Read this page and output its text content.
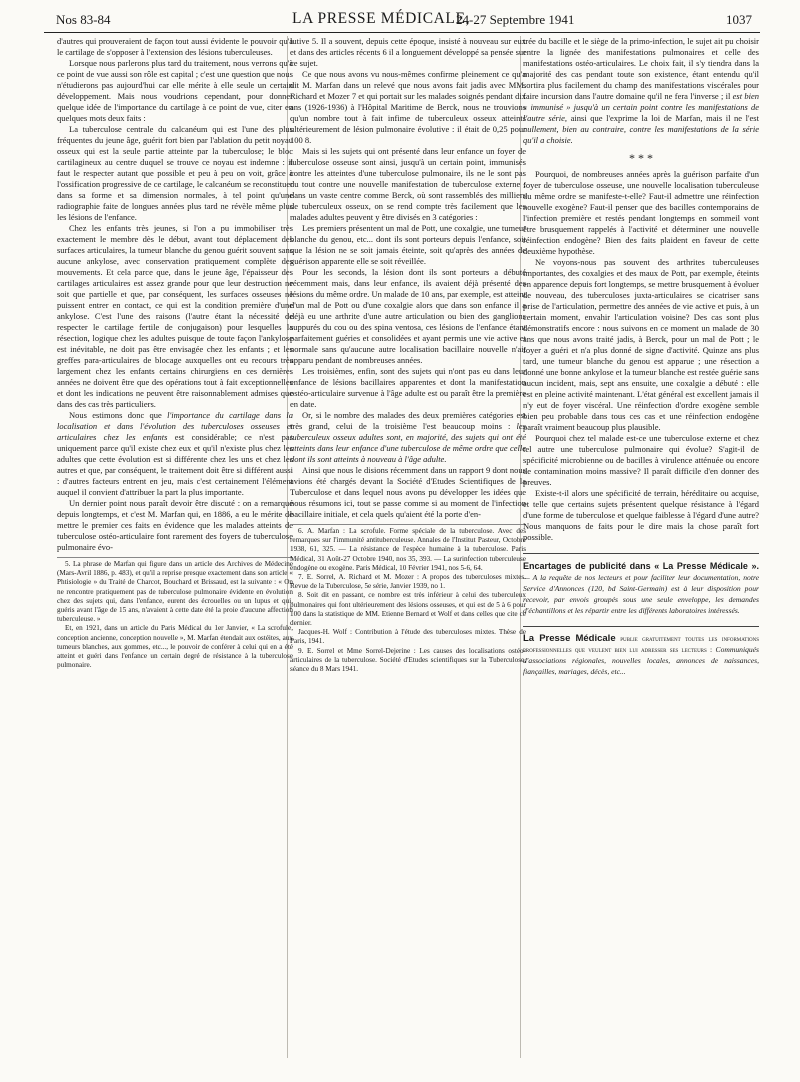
Nos 83-84	LA PRESSE MÉDICALE,
24-27 Septembre 1941	1037

d'autres qui prouveraient de façon tout aussi évidente le pouvoir qu'a le cartilage de s'opposer à l'extension des lésions tuberculeuses.

Lorsque nous parlerons plus tard du traitement, nous verrons qu'à ce point de vue aussi son rôle est capital ; c'est une question que nous n'étudierons pas aujourd'hui car elle mérite à elle seule un certain développement. Mais nous voudrions cependant, pour donner quelque idée de l'importance du cartilage à ce point de vue, citer en quelques mots deux faits :

La tuberculose centrale du calcanéum qui est l'une des plus fréquentes du jeune âge, guérit fort bien par l'ablation du petit noyau osseux qui est la seule partie atteinte par la tuberculose; le bloc cartilagineux au centre duquel se trouve ce noyau est indemne : il faut le respecter autant que possible et peu à peu on voit, grâce à l'ossification progressive de ce cartilage, le calcanéum se reconstituer dans sa forme et sa dimension normales, à tel point qu'une radiographie faite de longues années plus tard ne révèle même plus les lésions de l'enfance.

Chez les enfants très jeunes, si l'on a pu immobiliser très exactement le membre dès le début, avant tout déplacement des surfaces articulaires, la tumeur blanche du genou guérit souvent sans aucune ankylose, avec conservation pratiquement complète des mouvements. Et cela parce que, dans le jeune âge, l'épaisseur des cartilages articulaires est assez grande pour que leur destruction ne soit que partielle et que, par conséquent, les surfaces osseuses ne puissent entrer en contact, ce qui est la condition première d'une ankylose. C'est l'une des raisons (l'autre étant la nécessité de respecter le cartilage fertile de conjugaison) pour lesquelles la résection, logique chez les adultes puisque de toute façon l'ankylose est inévitable, ne doit pas être envisagée chez les enfants ; et les greffes para-articulaires de blocage auxquelles ont eu recours très largement chez les enfants certains chirurgiens en ces dernières années ne doivent être que des opérations tout à fait exceptionnelles et dont les indications ne peuvent être raisonnablement admises que dans des cas très particuliers.

Nous estimons donc que l'importance du cartilage dans la localisation et dans l'évolution des tuberculoses osseuses et articulaires chez les enfants est considérable; ce n'est pas uniquement parce qu'il existe chez eux et qu'il n'existe plus chez les adultes que cette évolution est si différente chez les uns et chez les autres et que, par conséquent, le traitement doit être si différent aussi : d'autres facteurs entrent en jeu, mais c'est certainement l'élément auquel il convient d'attribuer la part la plus importante.

Un dernier point nous paraît devoir être discuté : on a remarqué depuis longtemps, et c'est M. Marfan qui, en 1886, a eu le mérite de mettre le premier ces faits en évidence que les malades atteints de tuberculose ostéo-articulaire font rarement des foyers de tuberculose pulmonaire évo-

5. La phrase de Marfan qui figure dans un article des Archives de Médecine (Mars-Avril 1886, p. 483), et qu'il a reprise presque exactement dans son article « Phtisiologie » du Traité de Charcot, Bouchard et Brissaud, est la suivante : « On ne rencontre pratiquement pas de tuberculose pulmonaire évidente en évolution chez des sujets qui, dans l'enfance, eurent des écrouelles ou un lupus et qui, guéris avant l'âge de 15 ans, n'avaient à cette date été la proie d'aucune affection tuberculeuse. »

Et, en 1921, dans un article du Paris Médical du 1er Janvier, « La scrofule, conception ancienne, conception nouvelle », M. Marfan étendait aux ostéites, aux tumeurs blanches, aux gommes, etc..., le pouvoir de conférer à celui qui en a été atteint et guéri dans l'enfance un certain degré de résistance à la tuberculose pulmonaire.

lutive 5. Il a souvent, depuis cette époque, insisté à nouveau sur eux et dans des articles récents 6 il a longuement développé sa pensée sur ce sujet.

Ce que nous avons vu nous-mêmes confirme pleinement ce qu'a dit M. Marfan dans un relevé que nous avons fait jadis avec MM. Richard et Mozer 7 et qui portait sur les malades soignés pendant dix ans (1926-1936) à l'Hôpital Maritime de Berck, nous ne trouvions qu'un nombre tout à fait infime de tuberculeux osseux atteints ultérieurement de lésion pulmonaire évolutive : il était de 0,25 pour 100 8.

Mais si les sujets qui ont présenté dans leur enfance un foyer de tuberculose osseuse sont ainsi, jusqu'à un certain point, immunisés contre les atteintes d'une tuberculose pulmonaire, ils ne le sont pas du tout contre une nouvelle manifestation de tuberculose externe : dans un vaste centre comme Berck, où sont rassemblés des milliers de tuberculeux osseux, on se rend compte très facilement que les malades adultes peuvent y être divisés en 3 catégories :

Les premiers présentent un mal de Pott, une coxalgie, une tumeur blanche du genou, etc... dont ils sont porteurs depuis l'enfance, soit que la lésion ne se soit jamais éteinte, soit qu'après des années de guérison apparente elle se soit réveillée.

Pour les seconds, la lésion dont ils sont porteurs a débuté récemment mais, dans leur enfance, ils avaient déjà présenté des lésions du même ordre. Un malade de 10 ans, par exemple, est atteint d'un mal de Pott ou d'une coxalgie alors que dans son enfance il a déjà eu une arthrite d'une autre articulation ou bien des ganglions suppurés du cou ou des spina ventosa, ces lésions de l'enfance étant parfaitement guéries et consolidées et ayant permis une vie active et normale sans qu'aucune autre localisation bacillaire nouvelle n'ait apparu pendant de nombreuses années.

Les troisièmes, enfin, sont des sujets qui n'ont pas eu dans leur enfance de lésions bacillaires apparentes et dont la manifestation ostéo-articulaire survenue à l'âge adulte est ou paraît être la première en date.

Or, si le nombre des malades des deux premières catégories est très grand, celui de la troisième l'est beaucoup moins : les tuberculeux osseux adultes sont, en majorité, des sujets qui ont été atteints dans leur enfance d'une tuberculose de même ordre que celle dont ils sont atteints à nouveau à l'âge adulte.

Ainsi que nous le disions récemment dans un rapport 9 dont nous avions été chargés devant la Société d'Etudes Scientifiques de la Tuberculose et dans lequel nous avons pu développer les idées que nous résumons ici, tout se passe comme si au moment de l'infection bacillaire initiale, et cela quels qu'aient été la porte d'en-

6. A. Marfan : La scrofule. Forme spéciale de la tuberculose. Avec des remarques sur l'immunité antituberculeuse. Annales de l'Institut Pasteur, Octobre 1938, 61, 325. — La résistance de l'espèce humaine à la tuberculose. Paris Médical, 31 Août-27 Octobre 1940, nos 35, 393. — La surinfection tuberculeuse endogène ou exogène. Paris Médical, 10 Février 1941, nos 5-6, 64.

7. E. Sorrel, A. Richard et M. Mozer : A propos des tuberculoses mixtes. Revue de la Tuberculose, 5e série, Janvier 1939, no 1.

8. Soit dit en passant, ce nombre est très inférieur à celui des tuberculeux pulmonaires qui font ultérieurement des lésions osseuses, et qui est de 5 à 6 pour 100 dans la statistique de MM. Etienne Bernard et Wolf et dans celles que cite ce dernier.

Jacques-H. Wolf : Contribution à l'étude des tuberculoses mixtes. Thèse de Paris, 1941.

9. E. Sorrel et Mme Sorrel-Dejerine : Les causes des localisations ostéo-articulaires de la tuberculose. Société d'Etudes scientifiques sur la Tuberculose, séance du 8 Mars 1941.

trée du bacille et le siège de la primo-infection, le sujet ait pu choisir entre la lignée des manifestations pulmonaires et celle des manifestations ostéo-articulaires. Le choix fait, il s'y tiendra dans la majorité des cas pendant toute son existence, étant entendu qu'il sortira plus facilement du champ des manifestations viscérales pour faire incursion dans l'autre domaine qu'il ne fera l'inverse ; il est bien « immunisé » jusqu'à un certain point contre les manifestations de l'autre série, ainsi que l'exprime la loi de Marfan, mais il ne l'est nullement, bien au contraire, contre les manifestations de la série qu'il a choisie.

* * *

Pourquoi, de nombreuses années après la guérison parfaite d'un foyer de tuberculose osseuse, une nouvelle localisation tuberculeuse du même ordre se manifeste-t-elle? Faut-il admettre une réinfection nouvelle exogène? Faut-il penser que des bacilles contemporains de l'infection première et restés pendant longtemps en sommeil vont être brusquement rappelés à l'activité et déterminer une nouvelle réinfection endogène? Bien des faits plaident en faveur de cette deuxième hypothèse.

Ne voyons-nous pas souvent des arthrites tuberculeuses importantes, des coxalgies et des maux de Pott, par exemple, éteints en apparence depuis fort longtemps, se mettre brusquement à évoluer de nouveau, des tuberculoses juxta-articulaires se cicatriser sans prise de l'articulation, permettre des années de vie active et puis, à un certain moment, envahir l'articulation voisine? Des cas sont plus démonstratifs encore : nous suivons en ce moment un malade de 30 ans que nous avons traité jadis, à Berck, pour un mal de Pott ; le foyer a guéri et n'a plus donné de signe d'activité. Quinze ans plus tard, une tumeur blanche du genou est apparue ; une résection a donné une bonne ankylose et la tumeur blanche est restée guérie sans aucun incident, mais, sept ans ensuite, une coxalgie a débuté : elle est en pleine activité maintenant. L'état général est excellent jamais il n'y eut de foyer viscéral. Une réinfection d'ordre exogène semble bien peu probable dans tous ces cas et une réinfection endogène paraît vraiment beaucoup plus plausible.

Pourquoi chez tel malade est-ce une tuberculose externe et chez tel autre une tuberculose pulmonaire qui évolue? S'agit-il de spécificité microbienne ou de bacilles à virulence atténuée ou encore de contamination moins massive? Il paraît difficile d'en donner des preuves.

Existe-t-il alors une spécificité de terrain, héréditaire ou acquise, et telle que certains sujets présentent quelque résistance à l'égard d'une forme de tuberculose et quelque faiblesse à l'égard d'une autre? Nous manquons de faits pour le dire mais la chose paraît fort possible.

Encartages de publicité dans « La Presse Médicale ». — A la requête de nos lecteurs et pour faciliter leur documentation, notre Service d'Annonces (120, bd Saint-Germain) est à leur disposition pour recevoir, par envois groupés sous une seule enveloppe, les demandes d'échantillons et les répartir entre les différents laboratoires intéressés.
La Presse Médicale publie gratuitement toutes les informations professionnelles que veulent bien lui adresser ses lecteurs : Communiqués d'associations régionales, nouvelles locales, annonces de naissances, fiançailles, mariages, décès, etc...
